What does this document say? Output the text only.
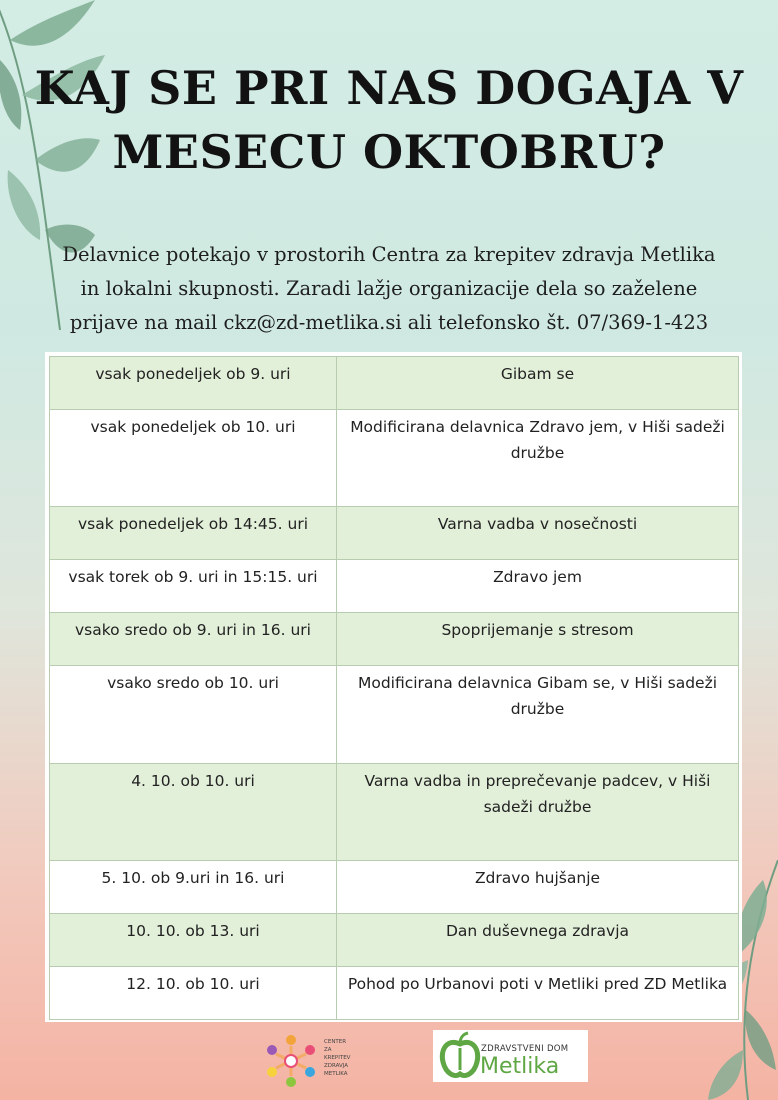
KAJ SE PRI NAS DOGAJA V
MESECU OKTOBRU?
Delavnice potekajo v prostorih Centra za krepitev zdravja Metlika
in lokalni skupnosti. Zaradi lažje organizacije dela so zaželene
prijave na mail ckz@zd-metlika.si ali telefonsko št. 07/369-1-423
vsak ponedeljek ob 9. uri	Gibam se
vsak ponedeljek ob 10. uri	Modificirana delavnica Zdravo jem, v Hiši sadeži družbe
vsak ponedeljek ob 14:45. uri	Varna vadba v nosečnosti
vsak torek ob 9. uri in 15:15. uri	Zdravo jem
vsako sredo ob 9. uri in 16. uri	Spoprijemanje s stresom
vsako sredo ob 10. uri	Modificirana delavnica Gibam se, v Hiši sadeži družbe
4. 10. ob 10. uri	Varna vadba in preprečevanje padcev, v Hiši sadeži družbe
5. 10. ob 9.uri in 16. uri	Zdravo hujšanje
10. 10. ob 13. uri	Dan duševnega zdravja
12. 10. ob 10. uri	Pohod po Urbanovi poti v Metliki pred ZD Metlika
CENTER
ZA
KREPITEV
ZDRAVJA
METLIKA
ZDRAVSTVENI DOM
Metlika
